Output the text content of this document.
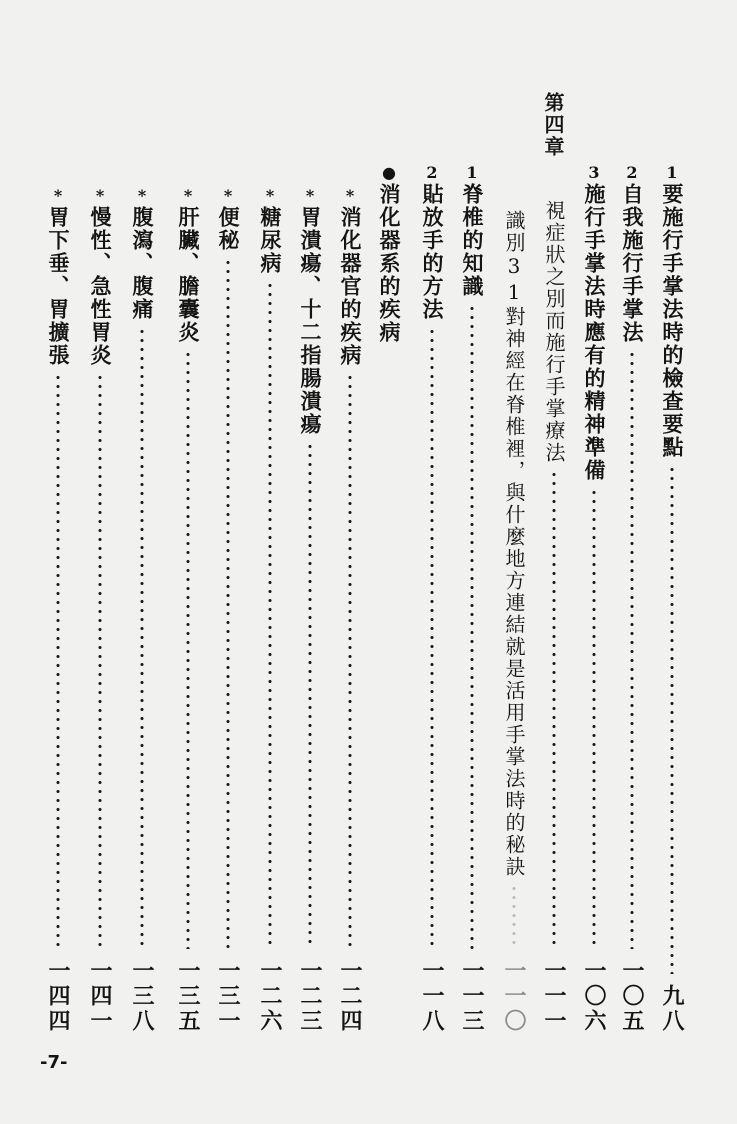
第四章
1
要施行手掌法時的檢查要點
九八
2
自我施行手掌法
一〇五
3
施行手掌法時應有的精神準備
一〇六
視症狀之別而施行手掌療法
一一一
識別31對神經在脊椎裡，與什麼地方連結就是活用手掌法時的秘訣
一一〇
1
脊椎的知識
一一三
2
貼放手的方法
一一八
●
消化器系的疾病
*
消化器官的疾病
一二四
*
胃潰瘍、十二指腸潰瘍
一二三
*
糖尿病
一二六
*
便秘
一三一
*
肝臟、膽囊炎
一三五
*
腹瀉、腹痛
一三八
*
慢性、急性胃炎
一四一
*
胃下垂、胃擴張
一四四
-7-
